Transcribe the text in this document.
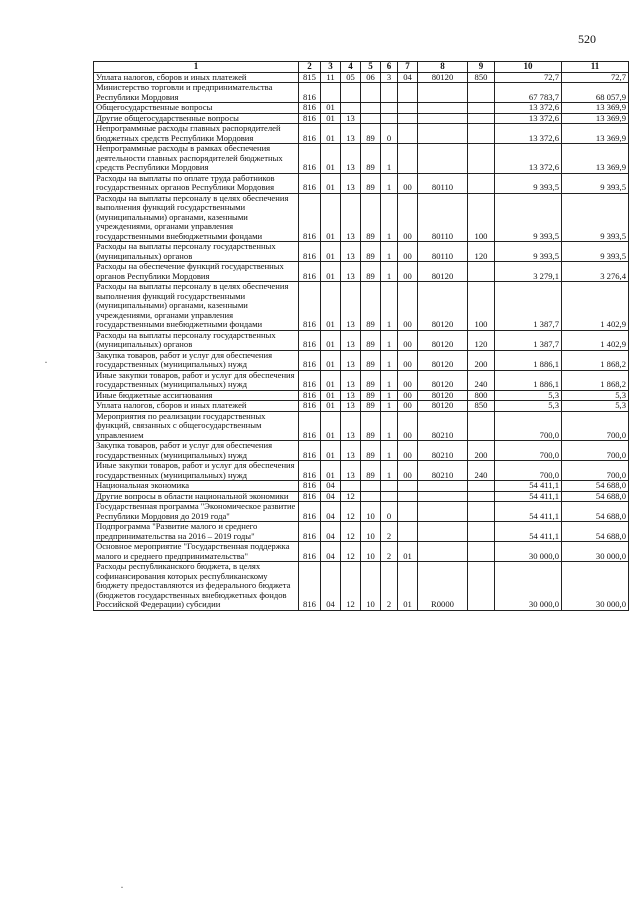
520
·
·
1	2	3	4	5	6	7	8	9	10	11
Уплата налогов, сборов и иных платежей	815	11	05	06	3	04	80120	850	72,7	72,7
Министерство торговли и предпринимательства Республики Мордовия	816								67 783,7	68 057,9
Общегосударственные вопросы	816	01							13 372,6	13 369,9
Другие общегосударственные вопросы	816	01	13						13 372,6	13 369,9
Непрограммные расходы главных распорядителей бюджетных средств Республики Мордовия	816	01	13	89	0				13 372,6	13 369,9
Непрограммные расходы в рамках обеспечения деятельности главных распорядителей бюджетных средств Республики Мордовия	816	01	13	89	1				13 372,6	13 369,9
Расходы на выплаты по оплате труда работников государственных органов Республики Мордовия	816	01	13	89	1	00	80110		9 393,5	9 393,5
Расходы на выплаты персоналу в целях обеспечения выполнения функций государственными (муниципальными) органами, казенными учреждениями, органами управления государственными внебюджетными фондами	816	01	13	89	1	00	80110	100	9 393,5	9 393,5
Расходы на выплаты персоналу государственных (муниципальных) органов	816	01	13	89	1	00	80110	120	9 393,5	9 393,5
Расходы на обеспечение функций государственных органов Республики Мордовия	816	01	13	89	1	00	80120		3 279,1	3 276,4
Расходы на выплаты персоналу в целях обеспечения выполнения функций государственными (муниципальными) органами, казенными учреждениями, органами управления государственными внебюджетными фондами	816	01	13	89	1	00	80120	100	1 387,7	1 402,9
Расходы на выплаты персоналу государственных (муниципальных) органов	816	01	13	89	1	00	80120	120	1 387,7	1 402,9
Закупка товаров, работ и услуг для обеспечения государственных (муниципальных) нужд	816	01	13	89	1	00	80120	200	1 886,1	1 868,2
Иные закупки товаров, работ и услуг для обеспечения государственных (муниципальных) нужд	816	01	13	89	1	00	80120	240	1 886,1	1 868,2
Иные бюджетные ассигнования	816	01	13	89	1	00	80120	800	5,3	5,3
Уплата налогов, сборов и иных платежей	816	01	13	89	1	00	80120	850	5,3	5,3
Мероприятия по реализации государственных функций, связанных с общегосударственным управлением	816	01	13	89	1	00	80210		700,0	700,0
Закупка товаров, работ и услуг для обеспечения государственных (муниципальных) нужд	816	01	13	89	1	00	80210	200	700,0	700,0
Иные закупки товаров, работ и услуг для обеспечения государственных (муниципальных) нужд	816	01	13	89	1	00	80210	240	700,0	700,0
Национальная экономика	816	04							54 411,1	54 688,0
Другие вопросы в области национальной экономики	816	04	12						54 411,1	54 688,0
Государственная программа "Экономическое развитие Республики Мордовия до 2019 года"	816	04	12	10	0				54 411,1	54 688,0
Подпрограмма "Развитие малого и среднего предпринимательства на 2016 – 2019 годы"	816	04	12	10	2				54 411,1	54 688,0
Основное мероприятие "Государственная поддержка малого и среднего предпринимательства"	816	04	12	10	2	01			30 000,0	30 000,0
Расходы республиканского бюджета, в целях софинансирования которых республиканскому бюджету предоставляются из федерального бюджета (бюджетов государственных внебюджетных фондов Российской Федерации) субсидии	816	04	12	10	2	01	R0000		30 000,0	30 000,0
